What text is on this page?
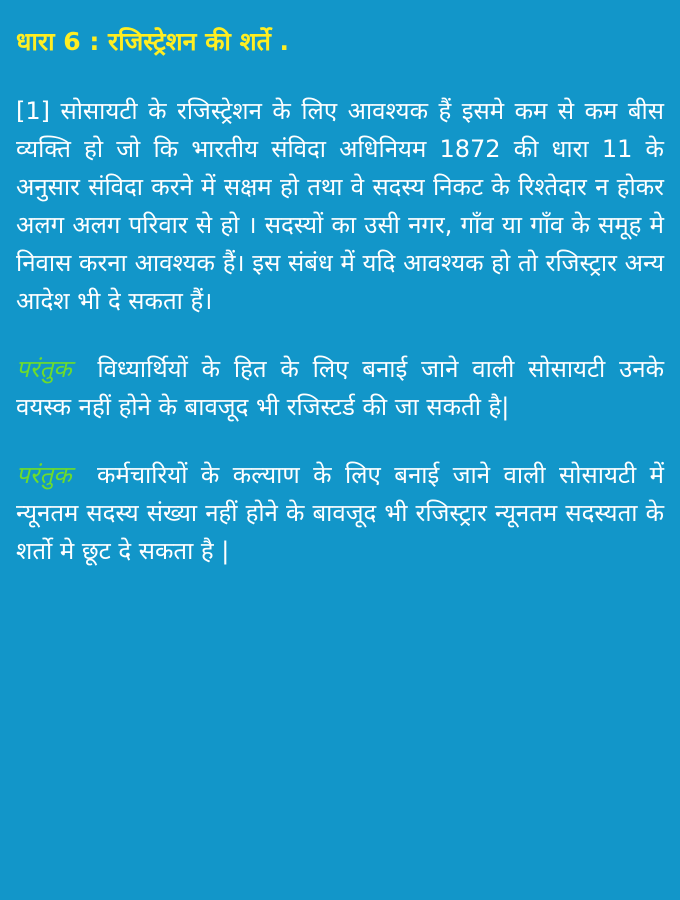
धारा 6 : रजिस्ट्रेशन की शर्ते .

[1] सोसायटी के रजिस्ट्रेशन के लिए आवश्यक हैं इसमे कम से कम बीस व्यक्ति हो जो कि भारतीय संविदा अधिनियम 1872 की धारा 11 के अनुसार संविदा करने में सक्षम हो तथा वे सदस्य निकट के रिश्तेदार न होकर अलग अलग परिवार से हो । सदस्यों का उसी नगर, गाँव या गाँव के समूह मे निवास करना आवश्यक हैं। इस संबंध में यदि आवश्यक हो तो रजिस्ट्रार अन्य आदेश भी दे सकता हैं।

परंतुक विध्यार्थियों के हित के लिए बनाई जाने वाली सोसायटी उनके वयस्क नहीं होने के बावजूद भी रजिस्टर्ड की जा सकती है|

परंतुक कर्मचारियों के कल्याण के लिए बनाई जाने वाली सोसायटी में न्यूनतम सदस्य संख्या नहीं होने के बावजूद भी रजिस्ट्रार न्यूनतम सदस्यता के शर्तो मे छूट दे सकता है |
